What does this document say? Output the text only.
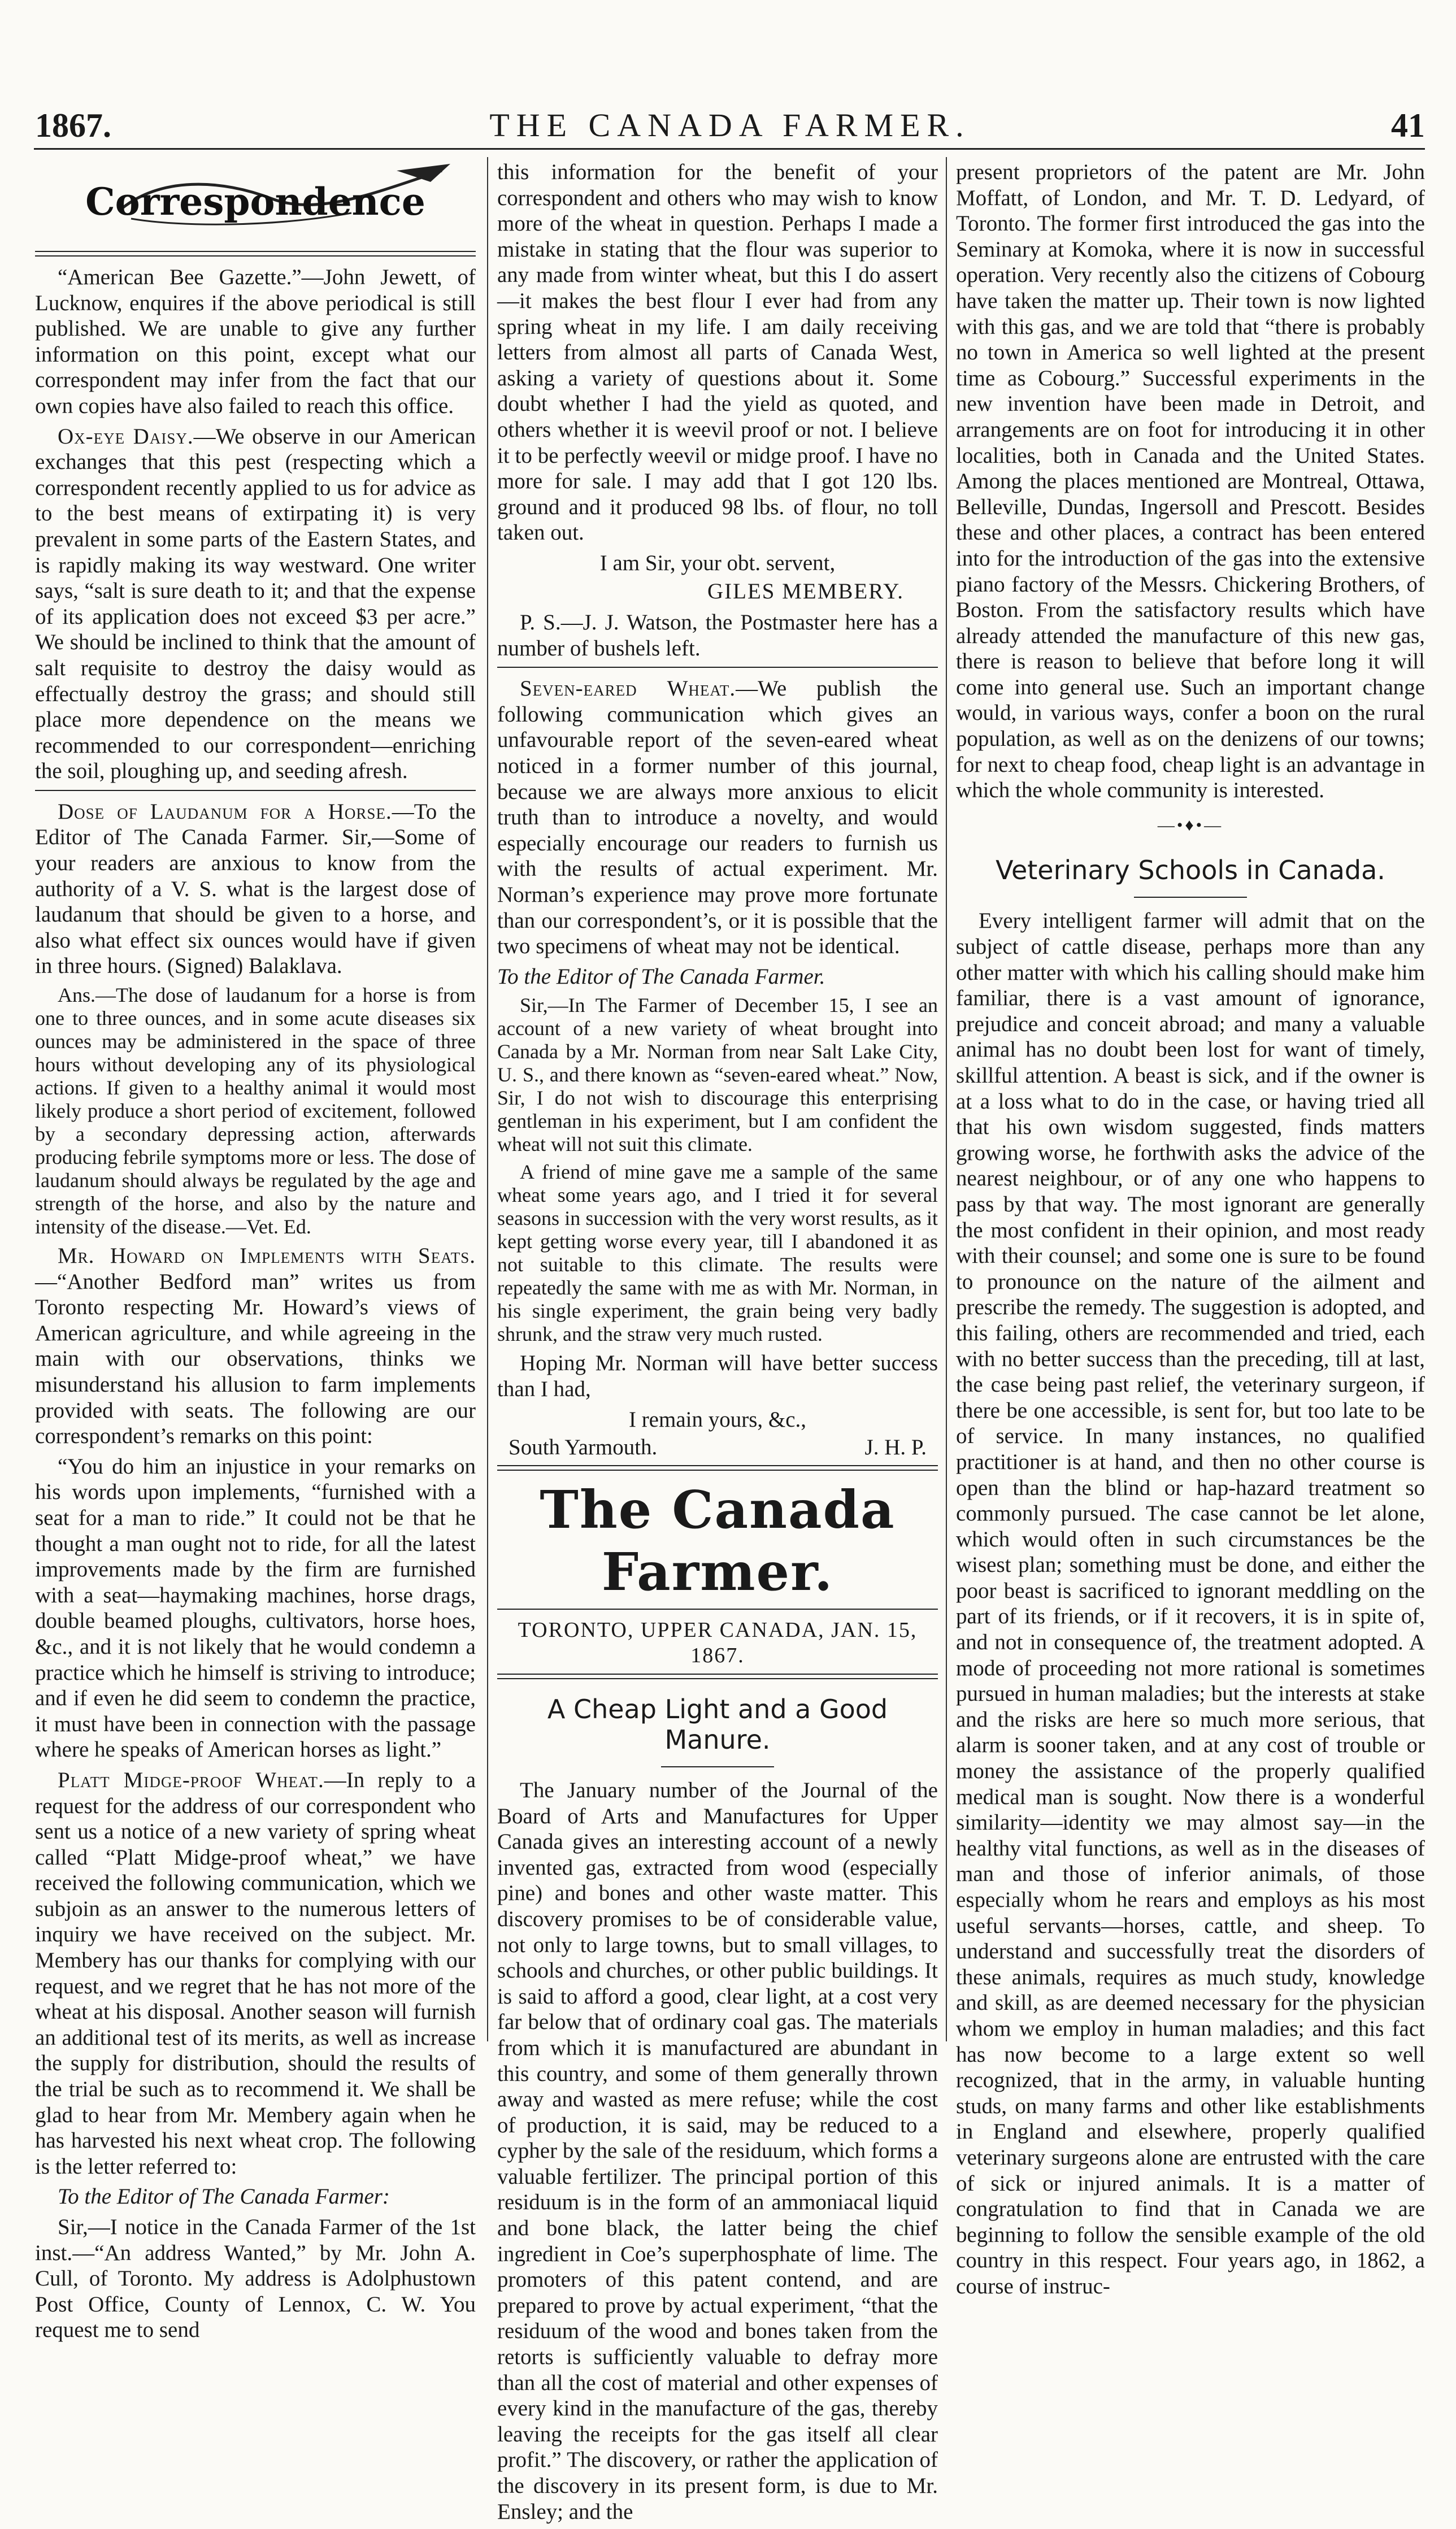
1867.	THE CANADA FARMER.	41
Correspondence

“American Bee Gazette.”—John Jewett, of Lucknow, enquires if the above periodical is still published. We are unable to give any further information on this point, except what our correspondent may infer from the fact that our own copies have also failed to reach this office.

Ox-eye Daisy.—We observe in our American exchanges that this pest (respecting which a correspondent recently applied to us for advice as to the best means of extirpating it) is very prevalent in some parts of the Eastern States, and is rapidly making its way westward. One writer says, “salt is sure death to it; and that the expense of its application does not exceed $3 per acre.” We should be inclined to think that the amount of salt requisite to destroy the daisy would as effectually destroy the grass; and should still place more dependence on the means we recommended to our correspondent—enriching the soil, ploughing up, and seeding afresh.

Dose of Laudanum for a Horse.—To the Editor of The Canada Farmer. Sir,—Some of your readers are anxious to know from the authority of a V. S. what is the largest dose of laudanum that should be given to a horse, and also what effect six ounces would have if given in three hours. (Signed) Balaklava.

Ans.—The dose of laudanum for a horse is from one to three ounces, and in some acute diseases six ounces may be administered in the space of three hours without developing any of its physiological actions. If given to a healthy animal it would most likely produce a short period of excitement, followed by a secondary depressing action, afterwards producing febrile symptoms more or less. The dose of laudanum should always be regulated by the age and strength of the horse, and also by the nature and intensity of the disease.—Vet. Ed.

Mr. Howard on Implements with Seats.—“Another Bedford man” writes us from Toronto respecting Mr. Howard’s views of American agriculture, and while agreeing in the main with our observations, thinks we misunderstand his allusion to farm implements provided with seats. The following are our correspondent’s remarks on this point:

“You do him an injustice in your remarks on his words upon implements, “furnished with a seat for a man to ride.” It could not be that he thought a man ought not to ride, for all the latest improvements made by the firm are furnished with a seat—haymaking machines, horse drags, double beamed ploughs, cultivators, horse hoes, &c., and it is not likely that he would condemn a practice which he himself is striving to introduce; and if even he did seem to condemn the practice, it must have been in connection with the passage where he speaks of American horses as light.”

Platt Midge-proof Wheat.—In reply to a request for the address of our correspondent who sent us a notice of a new variety of spring wheat called “Platt Midge-proof wheat,” we have received the following communication, which we subjoin as an answer to the numerous letters of inquiry we have received on the subject. Mr. Membery has our thanks for complying with our request, and we regret that he has not more of the wheat at his disposal. Another season will furnish an additional test of its merits, as well as increase the supply for distribution, should the results of the trial be such as to recommend it. We shall be glad to hear from Mr. Membery again when he has harvested his next wheat crop. The following is the letter referred to:

To the Editor of The Canada Farmer:

Sir,—I notice in the Canada Farmer of the 1st inst.—“An address Wanted,” by Mr. John A. Cull, of Toronto. My address is Adolphustown Post Office, County of Lennox, C. W. You request me to send

this information for the benefit of your correspondent and others who may wish to know more of the wheat in question. Perhaps I made a mistake in stating that the flour was superior to any made from winter wheat, but this I do assert—it makes the best flour I ever had from any spring wheat in my life. I am daily receiving letters from almost all parts of Canada West, asking a variety of questions about it. Some doubt whether I had the yield as quoted, and others whether it is weevil proof or not. I believe it to be perfectly weevil or midge proof. I have no more for sale. I may add that I got 120 lbs. ground and it produced 98 lbs. of flour, no toll taken out.

I am Sir, your obt. servent,

GILES MEMBERY.

P. S.—J. J. Watson, the Postmaster here has a number of bushels left.

Seven-eared Wheat.—We publish the following communication which gives an unfavourable report of the seven-eared wheat noticed in a former number of this journal, because we are always more anxious to elicit truth than to introduce a novelty, and would especially encourage our readers to furnish us with the results of actual experiment. Mr. Norman’s experience may prove more fortunate than our correspondent’s, or it is possible that the two specimens of wheat may not be identical.

To the Editor of The Canada Farmer.

Sir,—In The Farmer of December 15, I see an account of a new variety of wheat brought into Canada by a Mr. Norman from near Salt Lake City, U. S., and there known as “seven-eared wheat.” Now, Sir, I do not wish to discourage this enterprising gentleman in his experiment, but I am confident the wheat will not suit this climate.

A friend of mine gave me a sample of the same wheat some years ago, and I tried it for several seasons in succession with the very worst results, as it kept getting worse every year, till I abandoned it as not suitable to this climate. The results were repeatedly the same with me as with Mr. Norman, in his single experiment, the grain being very badly shrunk, and the straw very much rusted.

Hoping Mr. Norman will have better success than I had,

I remain yours, &c.,

South Yarmouth.	J. H. P.
The Canada Farmer.

TORONTO, UPPER CANADA, JAN. 15, 1867.

A Cheap Light and a Good Manure.

The January number of the Journal of the Board of Arts and Manufactures for Upper Canada gives an interesting account of a newly invented gas, extracted from wood (especially pine) and bones and other waste matter. This discovery promises to be of considerable value, not only to large towns, but to small villages, to schools and churches, or other public buildings. It is said to afford a good, clear light, at a cost very far below that of ordinary coal gas. The materials from which it is manufactured are abundant in this country, and some of them generally thrown away and wasted as mere refuse; while the cost of production, it is said, may be reduced to a cypher by the sale of the residuum, which forms a valuable fertilizer. The principal portion of this residuum is in the form of an ammoniacal liquid and bone black, the latter being the chief ingredient in Coe’s superphosphate of lime. The promoters of this patent contend, and are prepared to prove by actual experiment, “that the residuum of the wood and bones taken from the retorts is sufficiently valuable to defray more than all the cost of material and other expenses of every kind in the manufacture of the gas, thereby leaving the receipts for the gas itself all clear profit.” The discovery, or rather the application of the discovery in its present form, is due to Mr. Ensley; and the

present proprietors of the patent are Mr. John Moffatt, of London, and Mr. T. D. Ledyard, of Toronto. The former first introduced the gas into the Seminary at Komoka, where it is now in successful operation. Very recently also the citizens of Cobourg have taken the matter up. Their town is now lighted with this gas, and we are told that “there is probably no town in America so well lighted at the present time as Cobourg.” Successful experiments in the new invention have been made in Detroit, and arrangements are on foot for introducing it in other localities, both in Canada and the United States. Among the places mentioned are Montreal, Ottawa, Belleville, Dundas, Ingersoll and Prescott. Besides these and other places, a contract has been entered into for the introduction of the gas into the extensive piano factory of the Messrs. Chickering Brothers, of Boston. From the satisfactory results which have already attended the manufacture of this new gas, there is reason to believe that before long it will come into general use. Such an important change would, in various ways, confer a boon on the rural population, as well as on the denizens of our towns; for next to cheap food, cheap light is an advantage in which the whole community is interested.

—•♦•—
Veterinary Schools in Canada.

Every intelligent farmer will admit that on the subject of cattle disease, perhaps more than any other matter with which his calling should make him familiar, there is a vast amount of ignorance, prejudice and conceit abroad; and many a valuable animal has no doubt been lost for want of timely, skillful attention. A beast is sick, and if the owner is at a loss what to do in the case, or having tried all that his own wisdom suggested, finds matters growing worse, he forthwith asks the advice of the nearest neighbour, or of any one who happens to pass by that way. The most ignorant are generally the most confident in their opinion, and most ready with their counsel; and some one is sure to be found to pronounce on the nature of the ailment and prescribe the remedy. The suggestion is adopted, and this failing, others are recommended and tried, each with no better success than the preceding, till at last, the case being past relief, the veterinary surgeon, if there be one accessible, is sent for, but too late to be of service. In many instances, no qualified practitioner is at hand, and then no other course is open than the blind or hap-hazard treatment so commonly pursued. The case cannot be let alone, which would often in such circumstances be the wisest plan; something must be done, and either the poor beast is sacrificed to ignorant meddling on the part of its friends, or if it recovers, it is in spite of, and not in consequence of, the treatment adopted. A mode of proceeding not more rational is sometimes pursued in human maladies; but the interests at stake and the risks are here so much more serious, that alarm is sooner taken, and at any cost of trouble or money the assistance of the properly qualified medical man is sought. Now there is a wonderful similarity—identity we may almost say—in the healthy vital functions, as well as in the diseases of man and those of inferior animals, of those especially whom he rears and employs as his most useful servants—horses, cattle, and sheep. To understand and successfully treat the disorders of these animals, requires as much study, knowledge and skill, as are deemed necessary for the physician whom we employ in human maladies; and this fact has now become to a large extent so well recognized, that in the army, in valuable hunting studs, on many farms and other like establishments in England and elsewhere, properly qualified veterinary surgeons alone are entrusted with the care of sick or injured animals. It is a matter of congratulation to find that in Canada we are beginning to follow the sensible example of the old country in this respect. Four years ago, in 1862, a course of instruc-
